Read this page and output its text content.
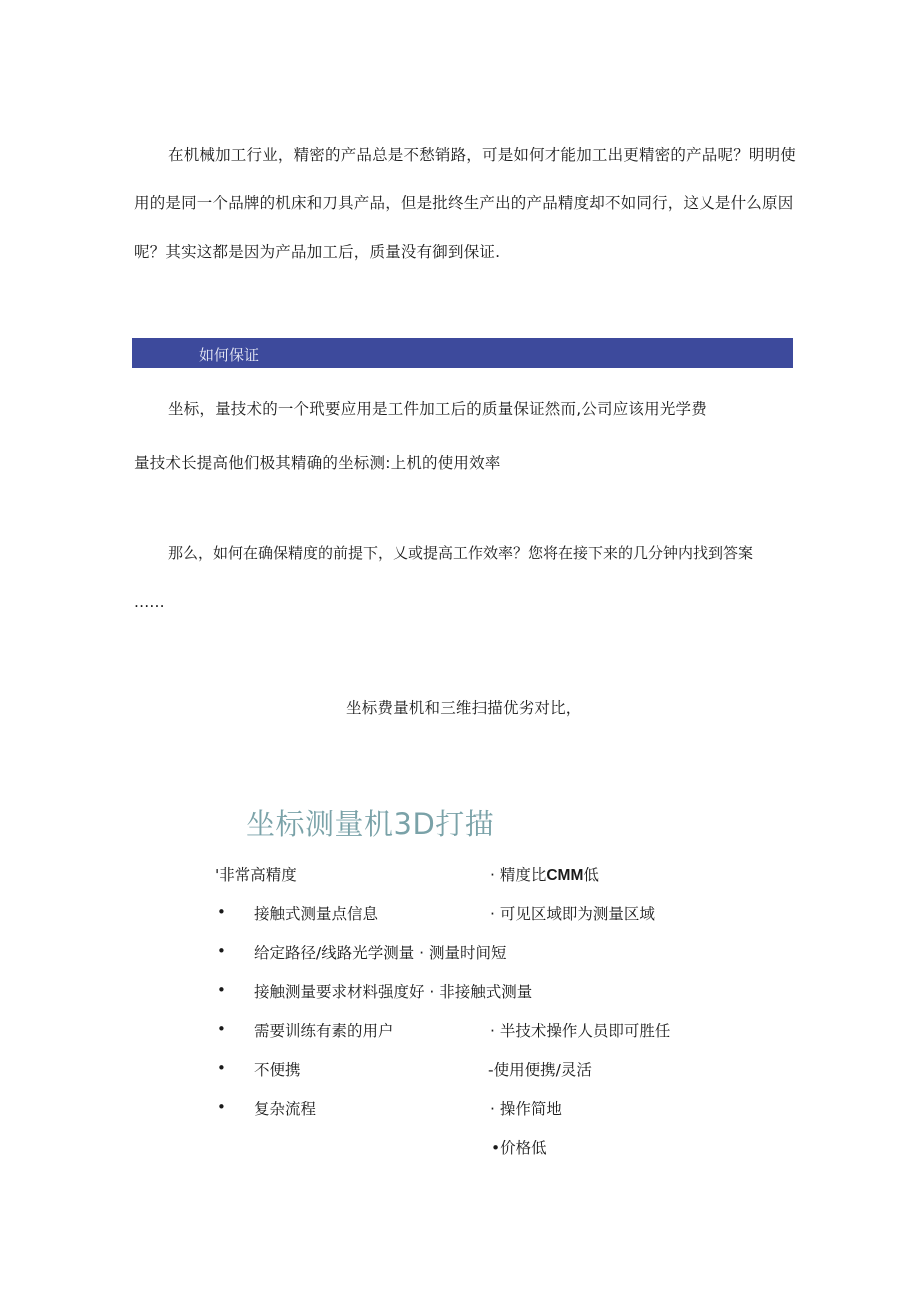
在机械加工行业，精密的产品总是不愁销路，可是如何才能加工出更精密的产品呢？明明使
用的是同一个品牌的机床和刀具产品，但是批终生产出的产品精度却不如同行，这乂是什么原因
呢？其实这都是因为产品加工后，质量没有御到保证.
如何保证
坐标，量技术的一个玳要应用是工件加工后的质量保证然而,公司应该用光学费
量技术长提高他们极其精确的坐标测:上机的使用效率
那么，如何在确保精度的前提下，乂或提高工作效率？您将在接下来的几分钟内找到答案
......
坐标费量机和三维扫描优劣对比，
坐标测量机3D打描
'非常高精度
• 接触式测量点信息
• 给定路径/线路光学测量 · 测量时间短
• 接触测量要求材料强度好 · 非接触式测量
• 需要训练有素的用户
• 不便携
• 复杂流程
· 精度比CMM低
· 可见区域即为测量区域
· 半技术操作人员即可胜任
-使用便携/灵活
· 操作简地
•价格低
